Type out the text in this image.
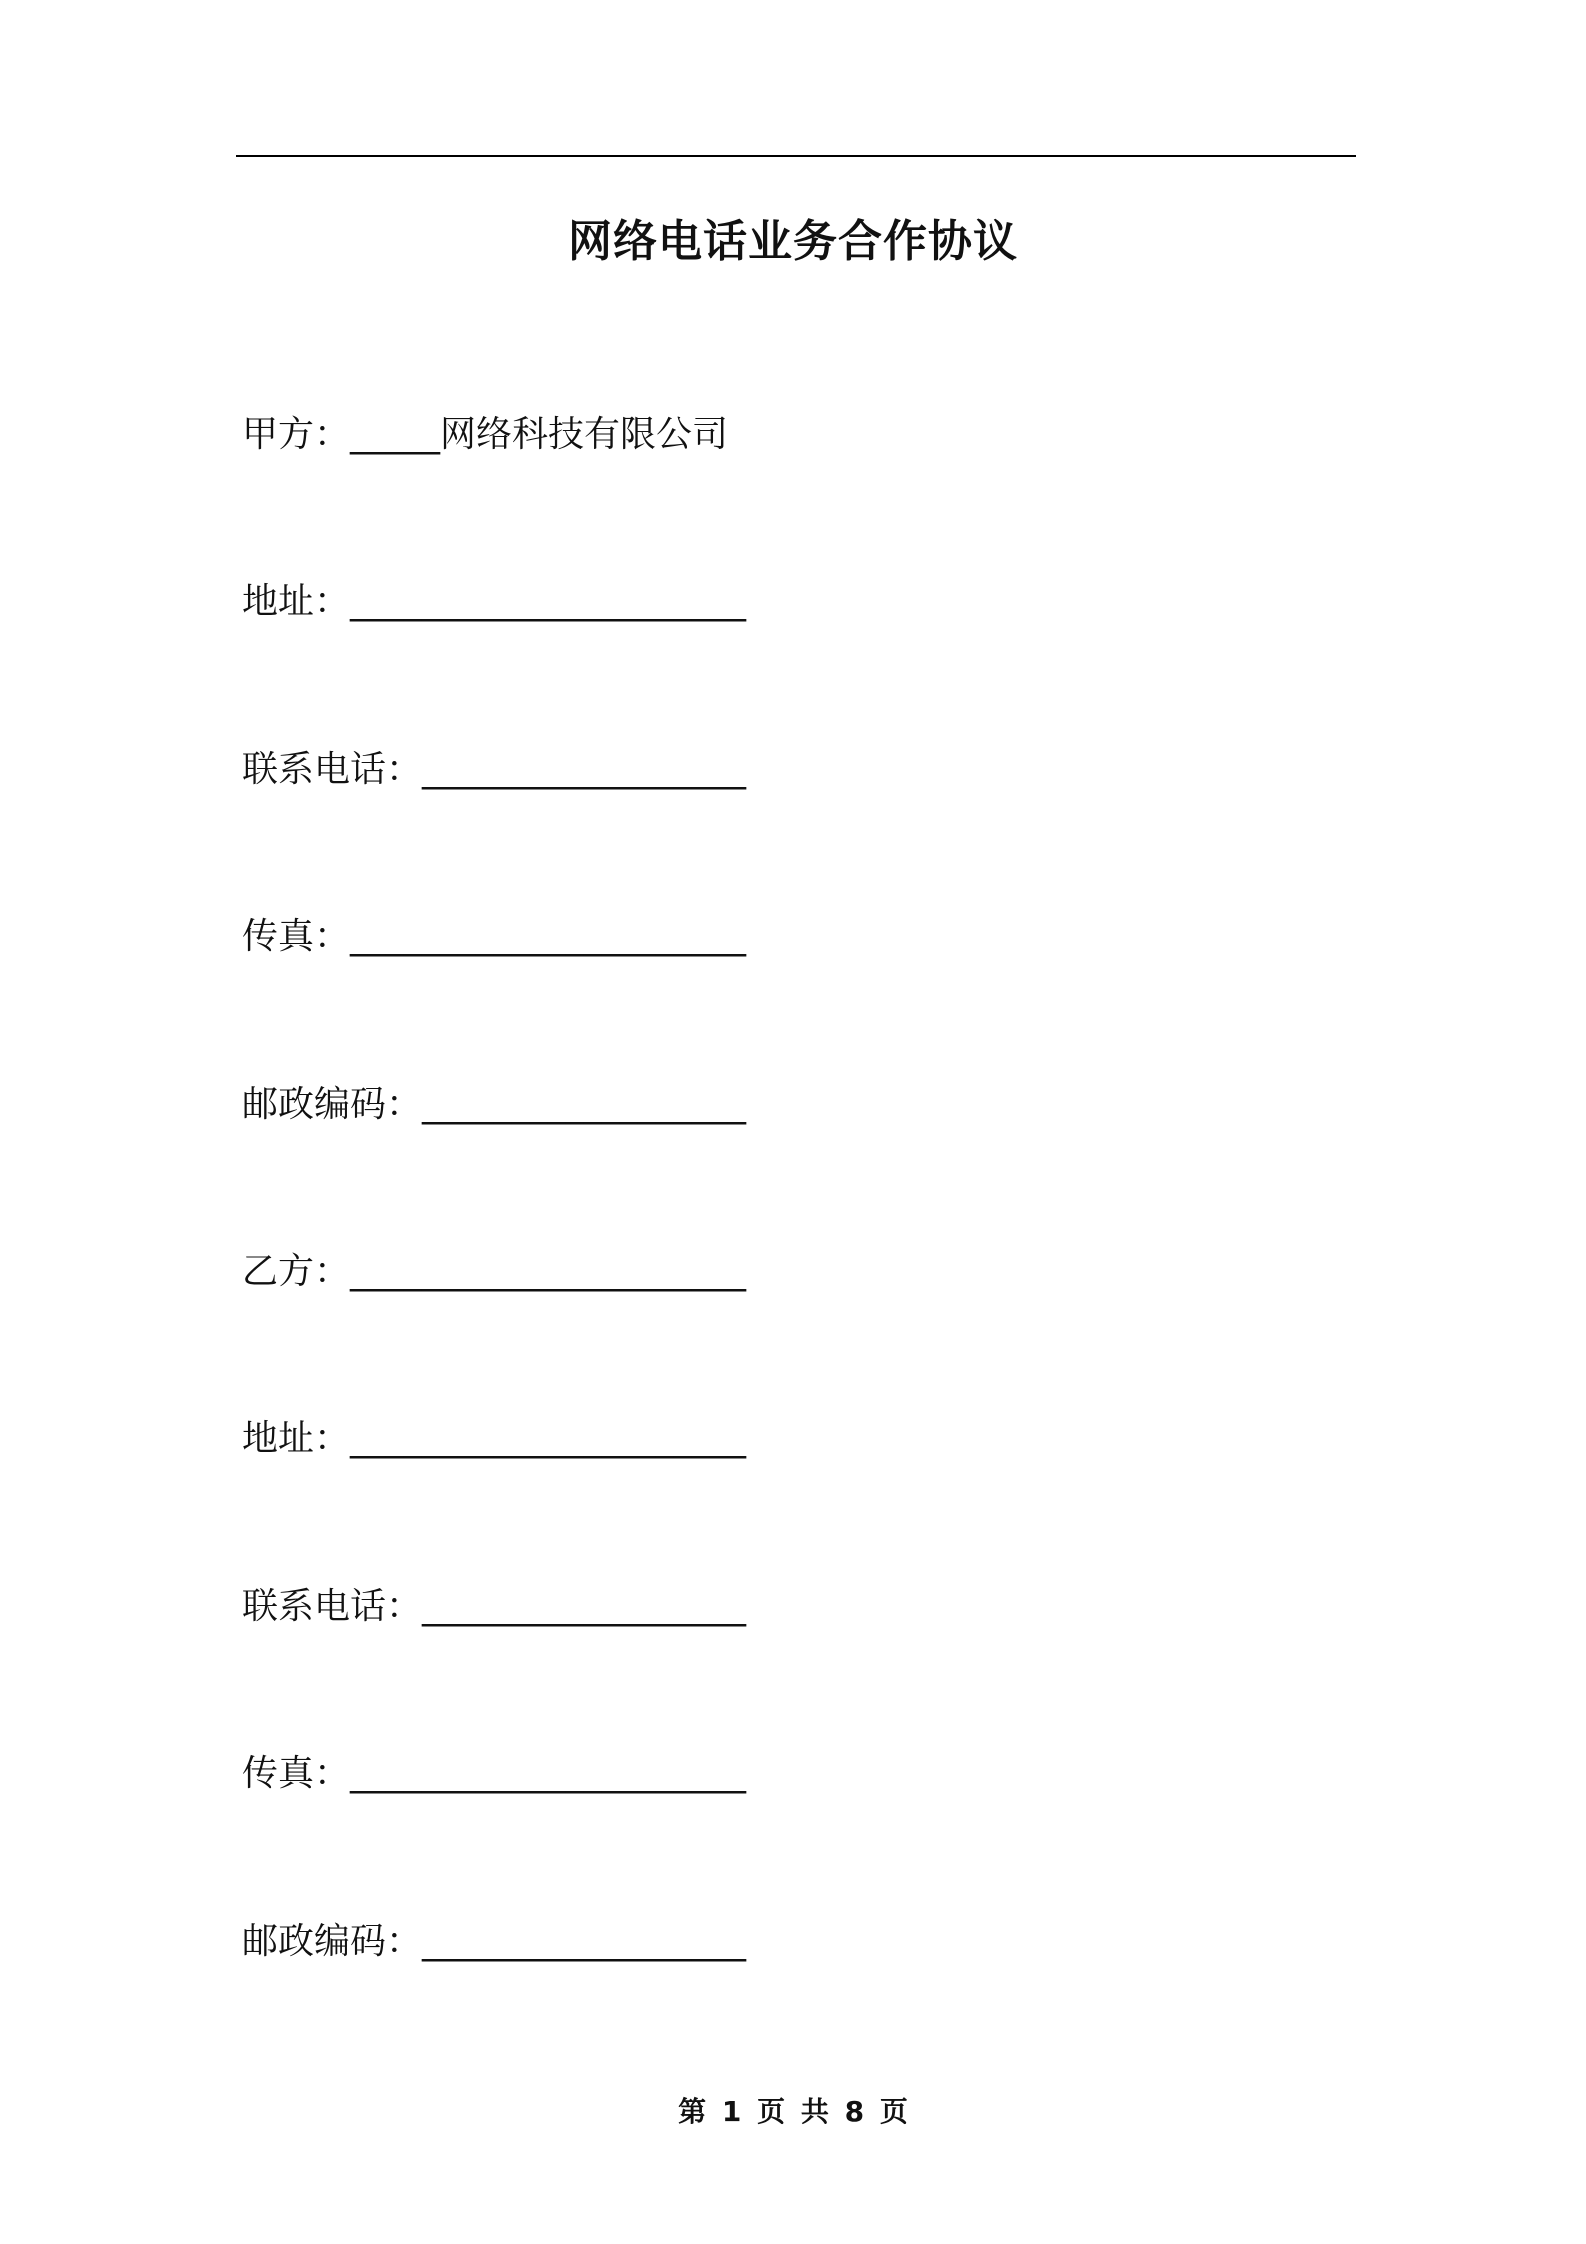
网络电话业务合作协议
甲方：_____网络科技有限公司
地址：______________________
联系电话：__________________
传真：______________________
邮政编码：__________________
乙方：______________________
地址：______________________
联系电话：__________________
传真：______________________
邮政编码：__________________
第 1 页 共 8 页
